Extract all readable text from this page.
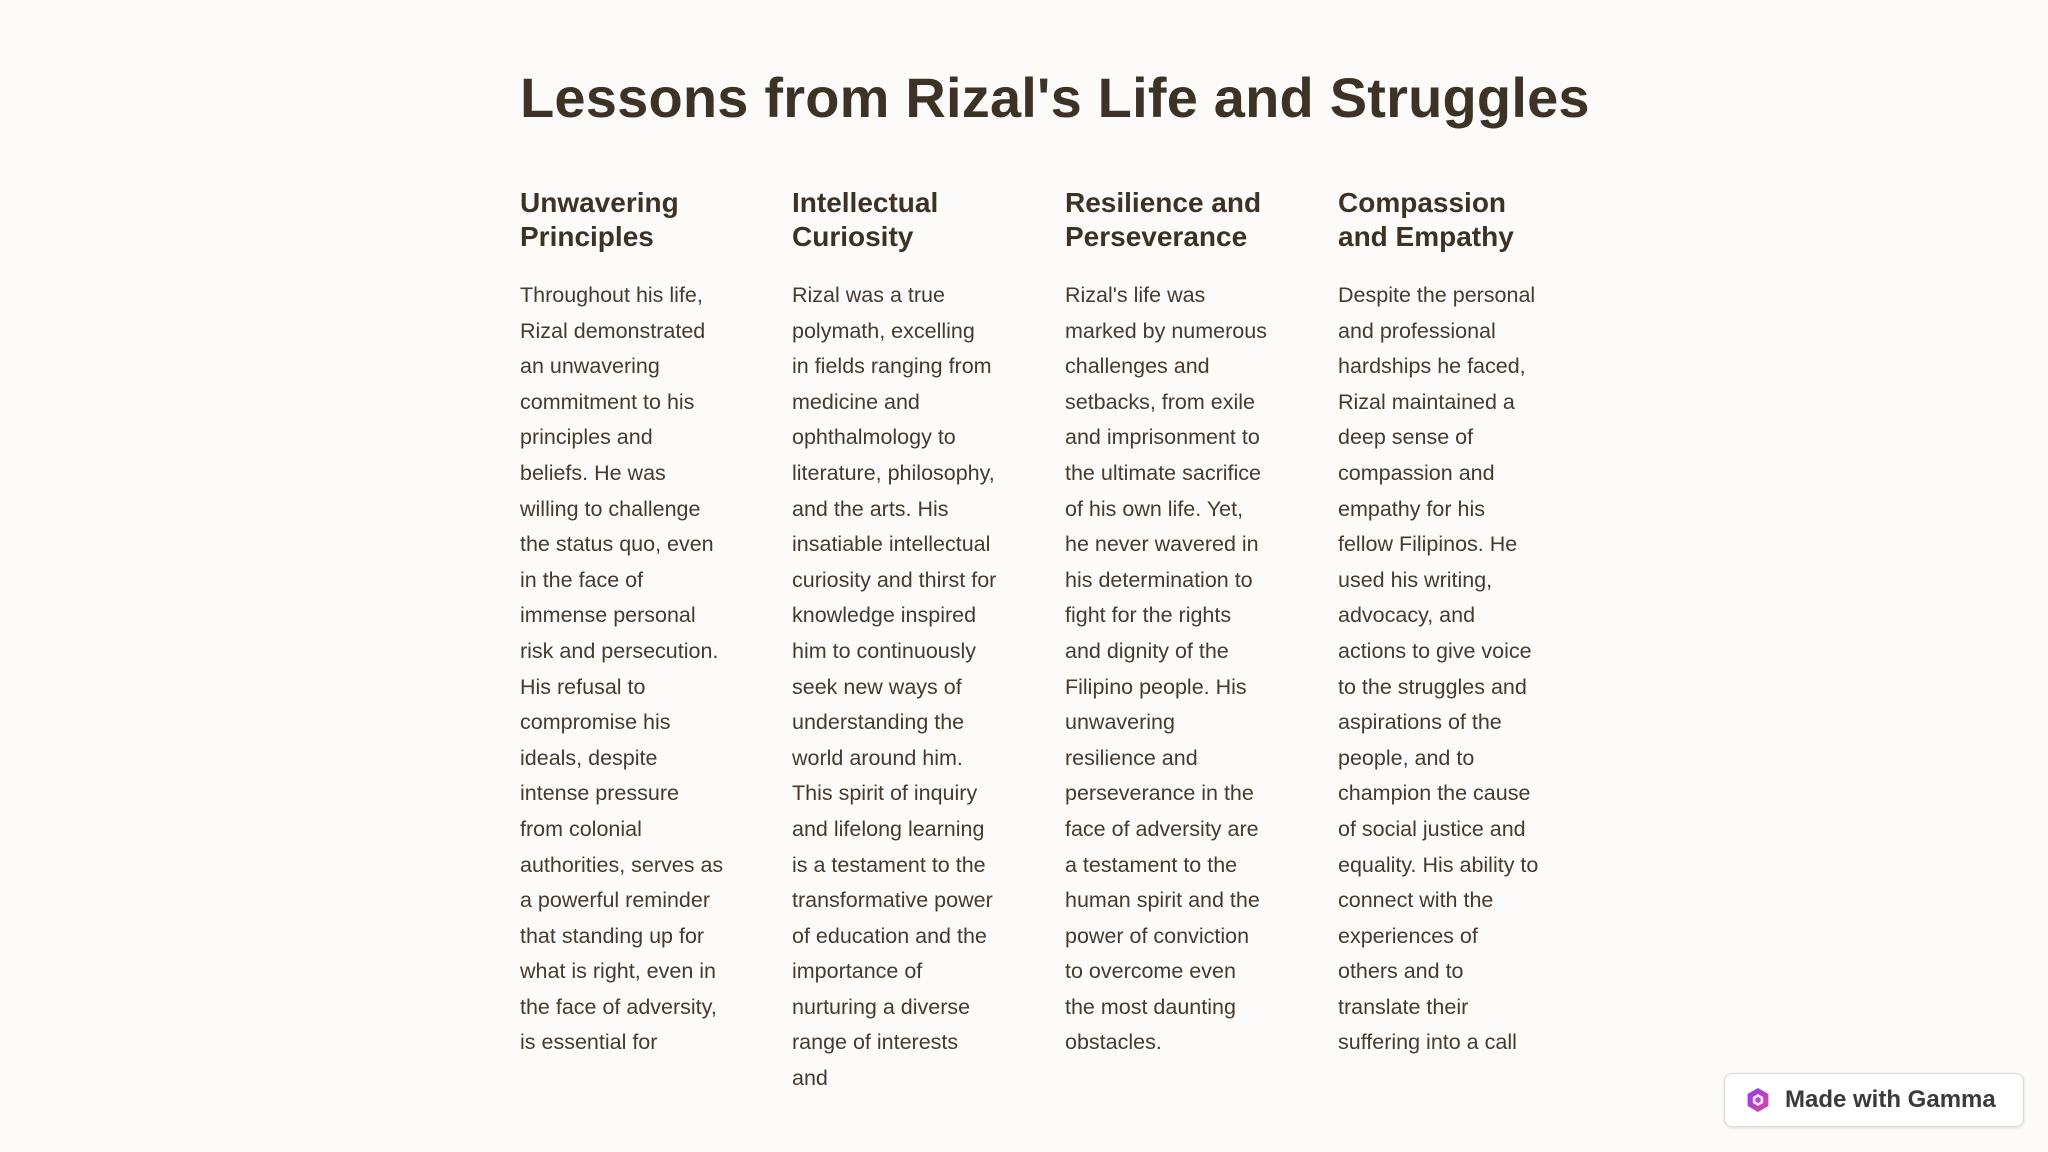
Lessons from Rizal's Life and Struggles
Unwavering Principles

Throughout his life, Rizal demonstrated an unwavering commitment to his principles and beliefs. He was willing to challenge the status quo, even in the face of immense personal risk and persecution. His refusal to compromise his ideals, despite intense pressure from colonial authorities, serves as a powerful reminder that standing up for what is right, even in the face of adversity, is essential for

Intellectual Curiosity

Rizal was a true polymath, excelling in fields ranging from medicine and ophthalmology to literature, philosophy, and the arts. His insatiable intellectual curiosity and thirst for knowledge inspired him to continuously seek new ways of understanding the world around him. This spirit of inquiry and lifelong learning is a testament to the transformative power of education and the importance of nurturing a diverse range of interests and

Resilience and Perseverance

Rizal's life was marked by numerous challenges and setbacks, from exile and imprisonment to the ultimate sacrifice of his own life. Yet, he never wavered in his determination to fight for the rights and dignity of the Filipino people. His unwavering resilience and perseverance in the face of adversity are a testament to the human spirit and the power of conviction to overcome even the most daunting obstacles.

Compassion and Empathy

Despite the personal and professional hardships he faced, Rizal maintained a deep sense of compassion and empathy for his fellow Filipinos. He used his writing, advocacy, and actions to give voice to the struggles and aspirations of the people, and to champion the cause of social justice and equality. His ability to connect with the experiences of others and to translate their suffering into a call

Made with Gamma
